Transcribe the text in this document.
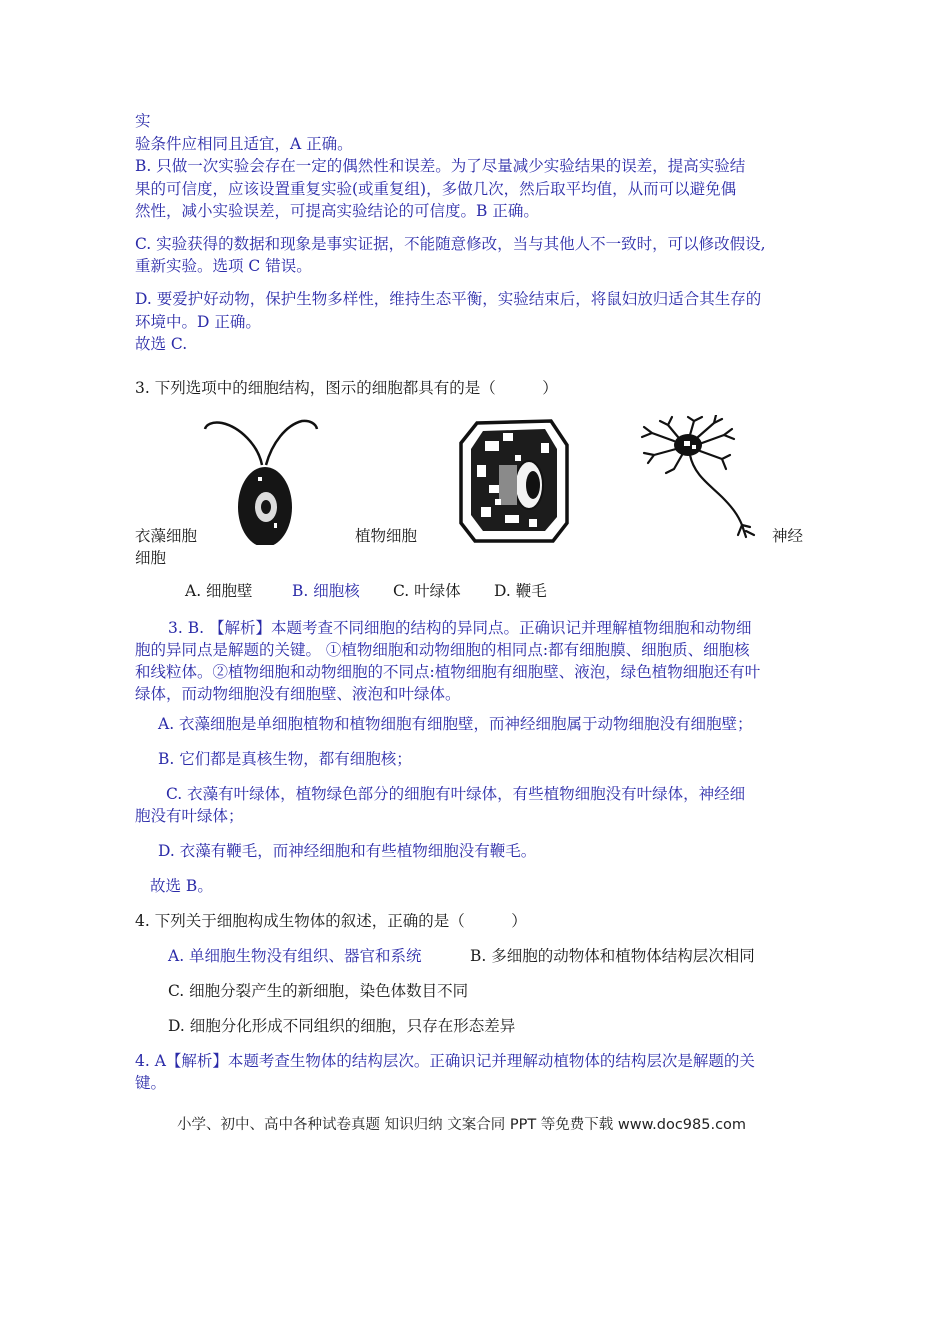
实
验条件应相同且适宜，A 正确。
B. 只做一次实验会存在一定的偶然性和误差。为了尽量减少实验结果的误差，提高实验结
果的可信度，应该设置重复实验(或重复组)，多做几次，然后取平均值，从而可以避免偶
然性，减小实验误差，可提高实验结论的可信度。B 正确。
C. 实验获得的数据和现象是事实证据，不能随意修改，当与其他人不一致时，可以修改假设,
重新实验。选项 C 错误。
D. 要爱护好动物，保护生物多样性，维持生态平衡，实验结束后，将鼠妇放归适合其生存的
环境中。D 正确。
故选 C.
3. 下列选项中的细胞结构，图示的细胞都具有的是（　　　）
衣藻细胞
细胞
植物细胞	神经
A. 细胞壁	B. 细胞核 C. 叶绿体 D. 鞭毛
3. B. 【解析】本题考查不同细胞的结构的异同点。正确识记并理解植物细胞和动物细
胞的异同点是解题的关键。 ①植物细胞和动物细胞的相同点:都有细胞膜、细胞质、细胞核
和线粒体。②植物细胞和动物细胞的不同点:植物细胞有细胞壁、液泡，绿色植物细胞还有叶
绿体，而动物细胞没有细胞壁、液泡和叶绿体。
A. 衣藻细胞是单细胞植物和植物细胞有细胞壁，而神经细胞属于动物细胞没有细胞壁；
B. 它们都是真核生物，都有细胞核；
C. 衣藻有叶绿体，植物绿色部分的细胞有叶绿体，有些植物细胞没有叶绿体，神经细
胞没有叶绿体；
D. 衣藻有鞭毛，而神经细胞和有些植物细胞没有鞭毛。
故选 B。
4. 下列关于细胞构成生物体的叙述，正确的是（　　　）
A. 单细胞生物没有组织、器官和系统	B. 多细胞的动物体和植物体结构层次相同
C. 细胞分裂产生的新细胞，染色体数目不同
D. 细胞分化形成不同组织的细胞，只存在形态差异
4. A【解析】本题考查生物体的结构层次。正确识记并理解动植物体的结构层次是解题的关
键。
小学、初中、高中各种试卷真题 知识归纳 文案合同 PPT 等免费下载 www.doc985.com
